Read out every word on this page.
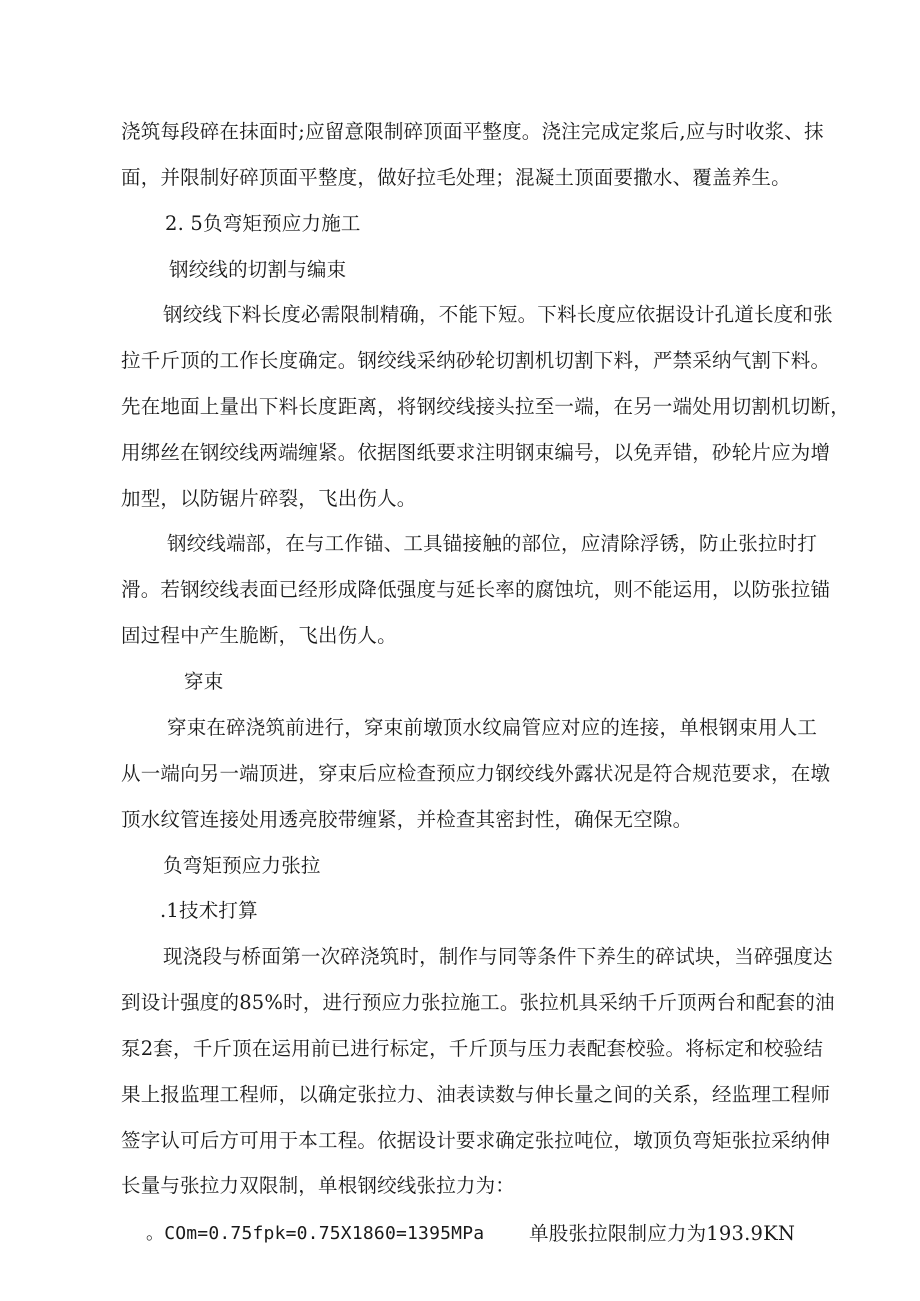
浇筑每段碎在抹面时;应留意限制碎顶面平整度。浇注完成定浆后,应与时收浆、抹
面，并限制好碎顶面平整度，做好拉毛处理；混凝土顶面要撒水、覆盖养生。
2. 5负弯矩预应力施工
钢绞线的切割与编束
钢绞线下料长度必需限制精确，不能下短。下料长度应依据设计孔道长度和张
拉千斤顶的工作长度确定。钢绞线采纳砂轮切割机切割下料，严禁采纳气割下料。
先在地面上量出下料长度距离，将钢绞线接头拉至一端，在另一端处用切割机切断，
用绑丝在钢绞线两端缠紧。依据图纸要求注明钢束编号，以免弄错，砂轮片应为增
加型，以防锯片碎裂，飞出伤人。
钢绞线端部，在与工作锚、工具锚接触的部位，应清除浮锈，防止张拉时打
滑。若钢绞线表面已经形成降低强度与延长率的腐蚀坑，则不能运用，以防张拉锚
固过程中产生脆断，飞出伤人。
穿束
穿束在碎浇筑前进行，穿束前墩顶水纹扁管应对应的连接，单根钢束用人工
从一端向另一端顶进，穿束后应检查预应力钢绞线外露状况是符合规范要求，在墩
顶水纹管连接处用透亮胶带缠紧，并检查其密封性，确保无空隙。
负弯矩预应力张拉
.1技术打算
现浇段与桥面第一次碎浇筑时，制作与同等条件下养生的碎试块，当碎强度达
到设计强度的85%时，进行预应力张拉施工。张拉机具采纳千斤顶两台和配套的油
泵2套，千斤顶在运用前已进行标定，千斤顶与压力表配套校验。将标定和校验结
果上报监理工程师，以确定张拉力、油表读数与伸长量之间的关系，经监理工程师
签字认可后方可用于本工程。依据设计要求确定张拉吨位，墩顶负弯矩张拉采纳伸
长量与张拉力双限制，单根钢绞线张拉力为：
。COm=0.75fpk=0.75X1860=1395MPa 单股张拉限制应力为193.9KN
